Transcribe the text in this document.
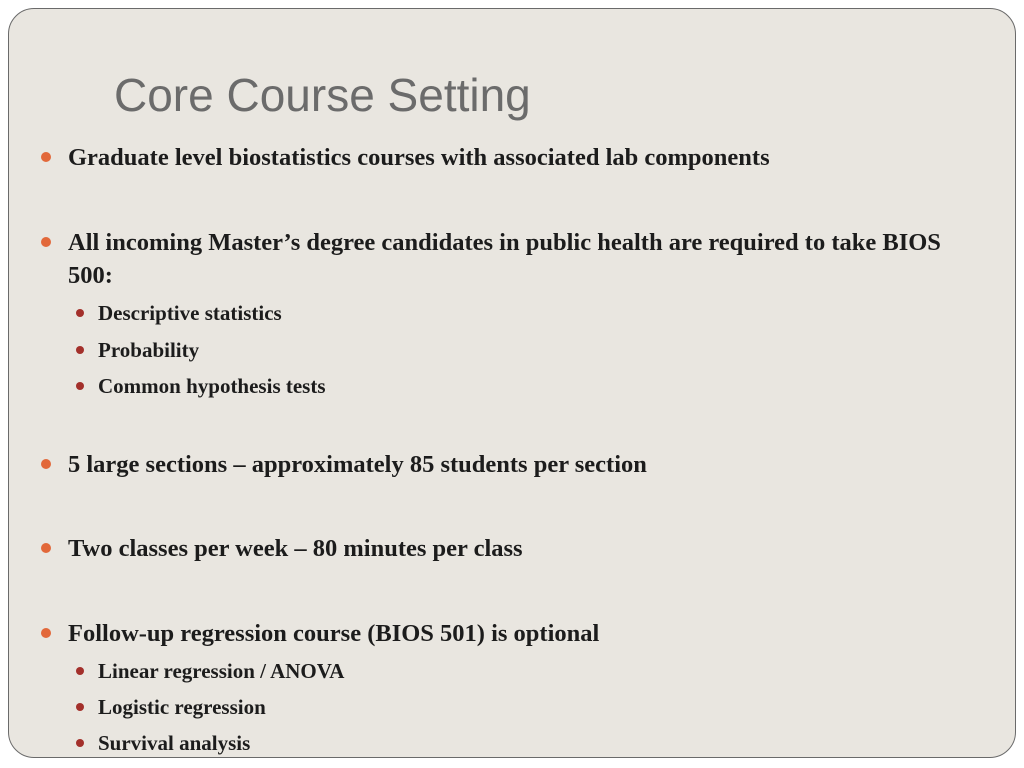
Core Course Setting
Graduate level biostatistics courses with associated lab components
All incoming Master’s degree candidates in public health are required to take BIOS 500:
Descriptive statistics
Probability
Common hypothesis tests
5 large sections – approximately 85 students per section
Two classes per week – 80 minutes per class
Follow-up regression course (BIOS 501) is optional
Linear regression / ANOVA
Logistic regression
Survival analysis
